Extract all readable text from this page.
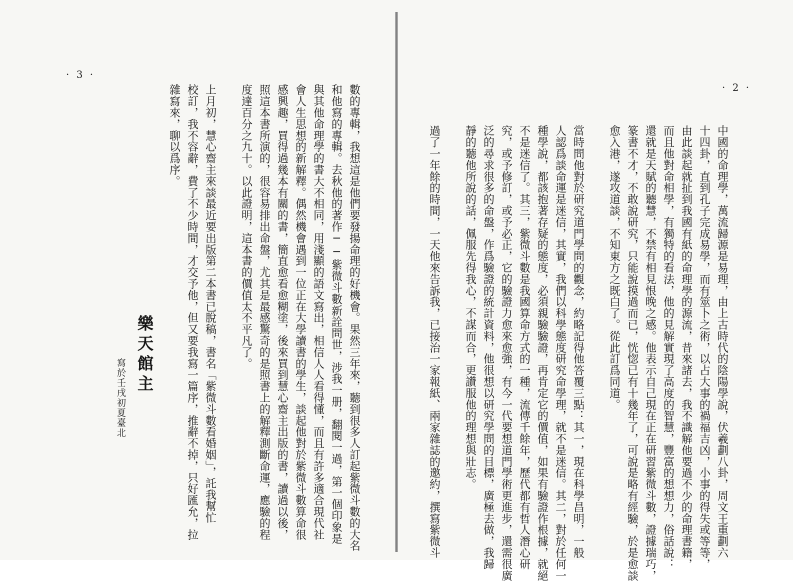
· 3 ·
數的專輯，我想這是他們要發揚命理的好機會。果然三年來，聽到很多人訂起紫微斗數的大名
和他寫的專輯。去秋他的著作──紫微斗數新詮問世，涉我一册，翻閱一過，第一個印象是
與其他命理學的書大不相同，用淺顯的語文寫出，相信人人看得懂，而且有許多適合現代社
會人生思想的新解釋。偶然機會遇到一位正在大學讀書的學生，談起他對於紫微斗數算命很
感興趣，買得過幾本有關的書，簡直愈看愈糊塗，後來買到慧心齋主出版的書，讀過以後，
照這本書所演的，很容易排出命盤，尤其是最感驚奇的是照書上的解釋測斷命運，應驗的程
度達百分之九十。以此證明，這本書的價值太不平凡了。
上月初，慧心齋主來談最近要出版第二本書已脫稿，書名「紫微斗數看婚姻」，託我幫忙
校訂，我不容辭，費了不少時間，才交予他，但又要我寫一篇序，推辭不掉，只好匯允，拉
雜寫來，聊以爲序。
樂天館主
寫於壬戌初夏臺北
· 2 ·
中國的命理學，萬流歸源是易理，由上古時代的陰陽學說，伏羲劃八卦，周文王重劃六
十四卦，直到孔子完成易學，而有筮卜之術，以占大事的禍福吉凶，小事的得失或等等，
由此談起就扯到我國有紙的命理學的源流，昔來諸去，我不識解他要過不少的命理書籍，
而且他對命相學，有獨特的看法，他的見解實現了高度的智慧，豐富的想想力，俗話說：
還就是天賦的聽慧，不禁有相見恨晚之感。他表示自己現在正在研習紫微斗數，證據瑞巧，
篆書不才，不敢說研究，只能說摸過而已，恍惚已有十幾年了，可說是略有經驗，於是愈談
愈入港，遂攻道談，不知東方之既白了。從此訂爲同道。
當時問他對於研究道門學問的觀念，約略記得他答覆三點：其一，現在科學昌明，一般
人認爲談命運是迷信，其實，我們以科學態度研究命學理，就不是迷信。其二，對於任何一
種學說，都該抱著存疑的態度，必須親驗驗證，再肯定它的價值，如果有驗證作根據，就絕
不是迷信了。其三，紫微斗數是我國算命方式的一種，流傳千餘年，歷代都有哲人潛心研
究，或予修訂，或予必正，它的驗證力愈來愈強，有今一代要想道門學術更進步，還需很廣
泛的尋求很多的命盤，作爲驗證的統計資料，他很想以研究學問的目標，廣極去做，我歸
靜的聽他所說的話，佩服先得我心，不謀而合，更讚服他的理想與壯志。
過了一年餘的時間，一天他來告訴我，已接治一家報紙、兩家雜誌的邀約，撰寫紫微斗
